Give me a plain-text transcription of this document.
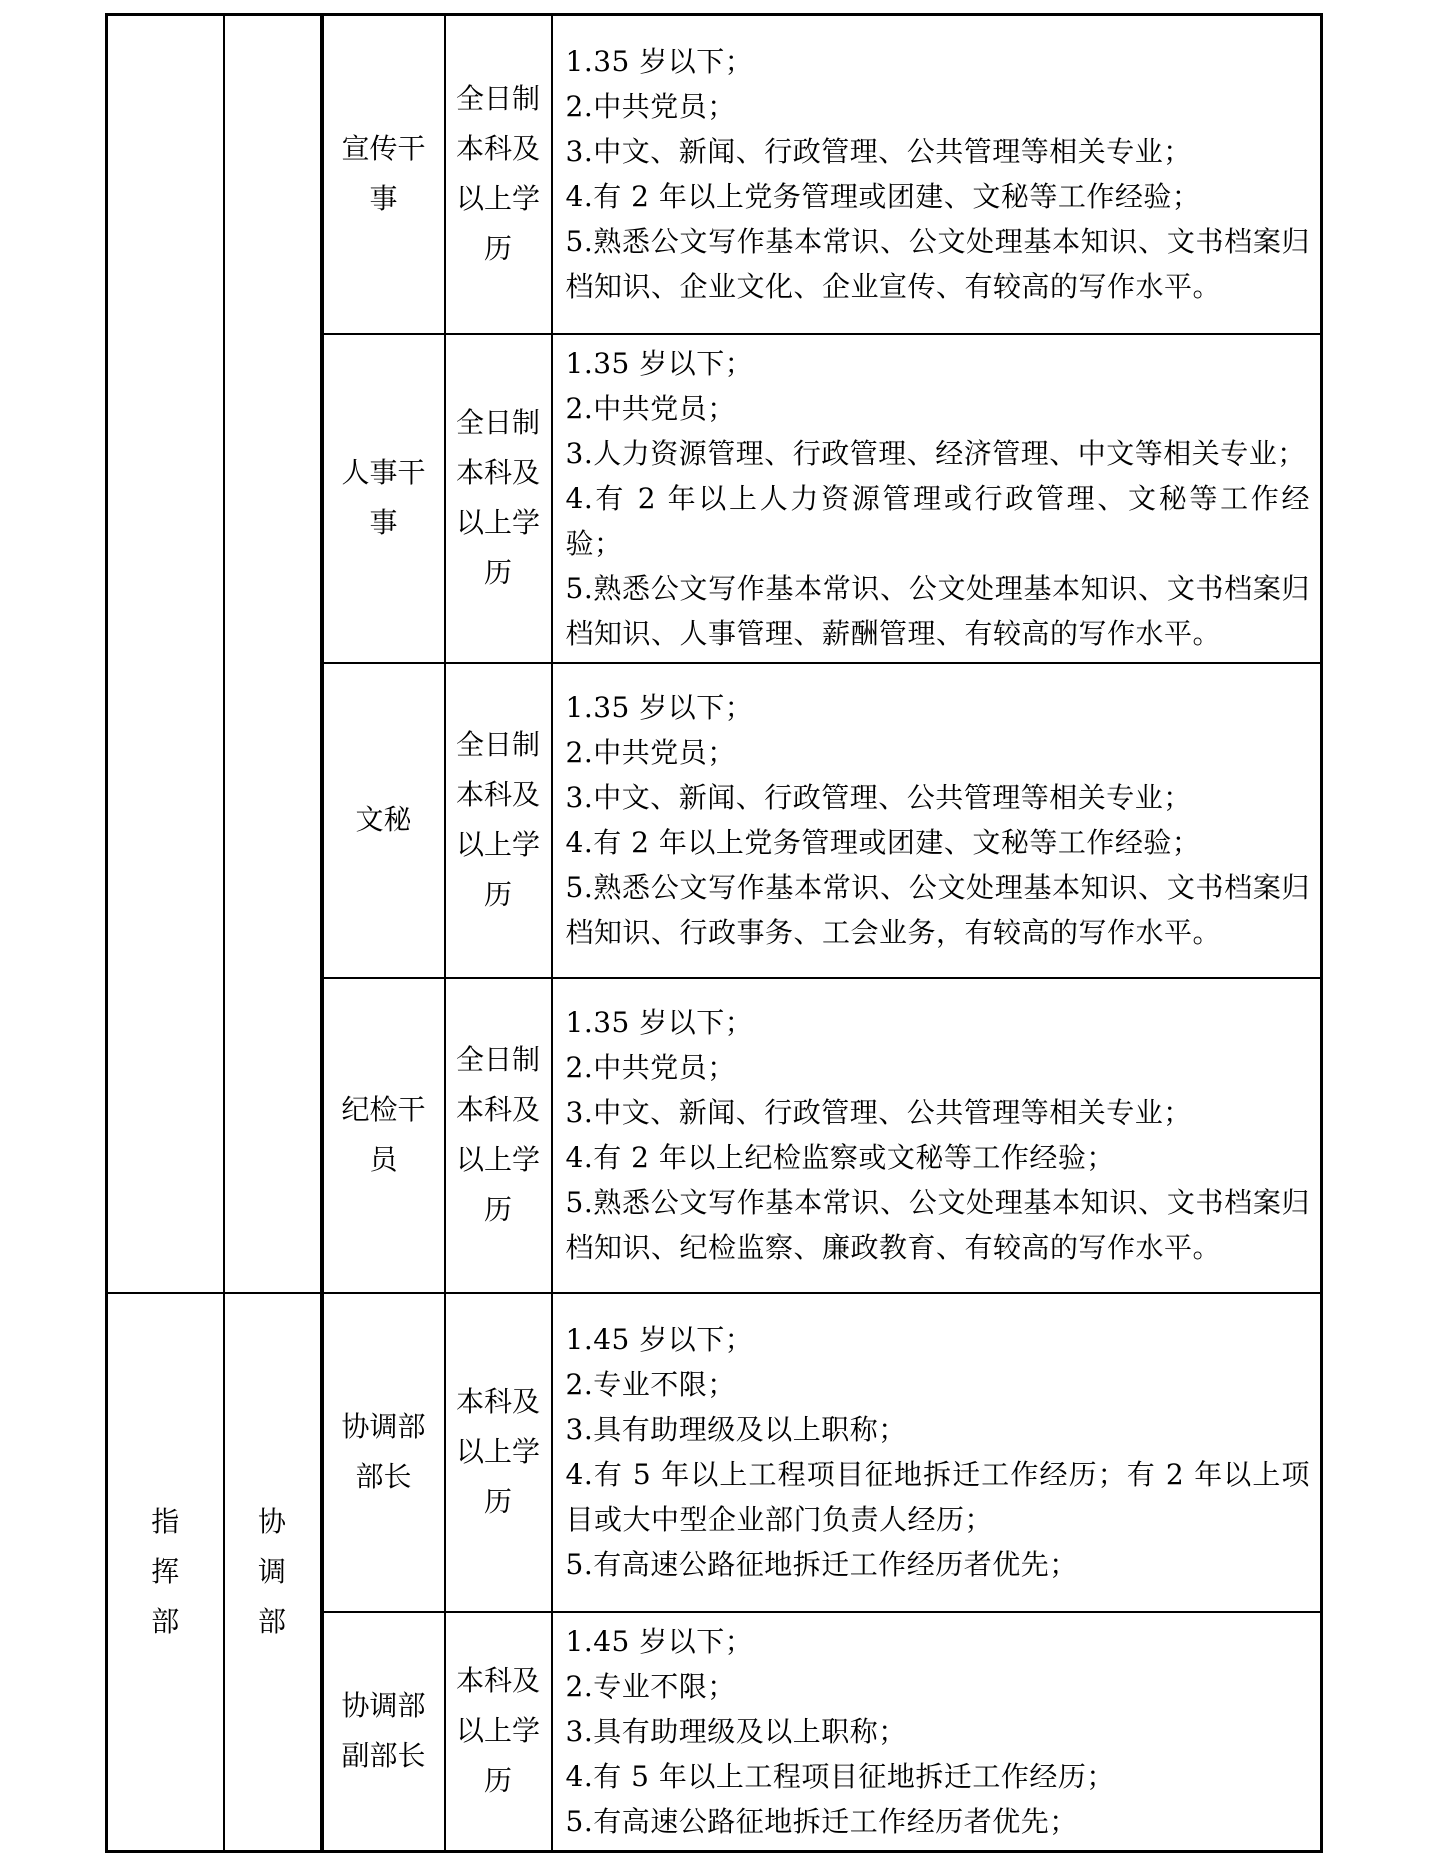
		宣传干事	全日制本科及以上学历	1.35 岁以下；
2.中共党员；
3.中文、新闻、行政管理、公共管理等相关专业；
4.有 2 年以上党务管理或团建、文秘等工作经验；
5.熟悉公文写作基本常识、公文处理基本知识、文书档案归档知识、企业文化、企业宣传、有较高的写作水平。

		人事干事	全日制本科及以上学历	1.35 岁以下；
2.中共党员；
3.人力资源管理、行政管理、经济管理、中文等相关专业；
4.有 2 年以上人力资源管理或行政管理、文秘等工作经验；
5.熟悉公文写作基本常识、公文处理基本知识、文书档案归档知识、人事管理、薪酬管理、有较高的写作水平。

		文秘	全日制本科及以上学历	1.35 岁以下；
2.中共党员；
3.中文、新闻、行政管理、公共管理等相关专业；
4.有 2 年以上党务管理或团建、文秘等工作经验；
5.熟悉公文写作基本常识、公文处理基本知识、文书档案归档知识、行政事务、工会业务，有较高的写作水平。

		纪检干员	全日制本科及以上学历	1.35 岁以下；
2.中共党员；
3.中文、新闻、行政管理、公共管理等相关专业；
4.有 2 年以上纪检监察或文秘等工作经验；
5.熟悉公文写作基本常识、公文处理基本知识、文书档案归档知识、纪检监察、廉政教育、有较高的写作水平。

指挥部	协调部	协调部部长	本科及以上学历	1.45 岁以下；
2.专业不限；
3.具有助理级及以上职称；
4.有 5 年以上工程项目征地拆迁工作经历；有 2 年以上项目或大中型企业部门负责人经历；
5.有高速公路征地拆迁工作经历者优先；

		协调部副部长	本科及以上学历	1.45 岁以下；
2.专业不限；
3.具有助理级及以上职称；
4.有 5 年以上工程项目征地拆迁工作经历；
5.有高速公路征地拆迁工作经历者优先；
